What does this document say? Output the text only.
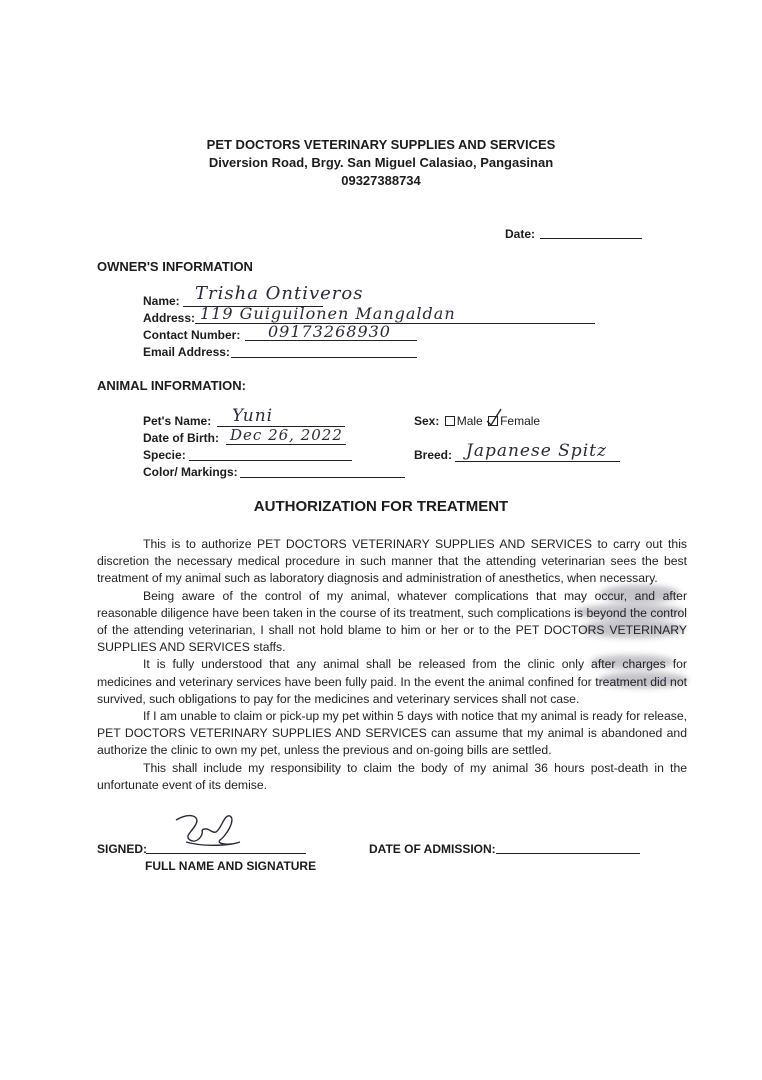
PET DOCTORS VETERINARY SUPPLIES AND SERVICES
Diversion Road, Brgy. San Miguel Calasiao, Pangasinan
09327388734
Date:
OWNER'S INFORMATION
Name: Trisha Ontiveros
Address: 119 Guiguilonen Mangaldan
Contact Number: 09173268930
Email Address:
ANIMAL INFORMATION:
Pet's Name: Yuni
Date of Birth: Dec 26, 2022
Specie:
Color/ Markings:
Sex: Male Female
Breed: Japanese Spitz
AUTHORIZATION FOR TREATMENT

This is to authorize PET DOCTORS VETERINARY SUPPLIES AND SERVICES to carry out this discretion the necessary medical procedure in such manner that the attending veterinarian sees the best treatment of my animal such as laboratory diagnosis and administration of anesthetics, when necessary.

Being aware of the control of my animal, whatever complications that may occur, and after reasonable diligence have been taken in the course of its treatment, such complications is beyond the control of the attending veterinarian, I shall not hold blame to him or her or to the PET DOCTORS VETERINARY SUPPLIES AND SERVICES staffs.

It is fully understood that any animal shall be released from the clinic only after charges for medicines and veterinary services have been fully paid. In the event the animal confined for treatment did not survived, such obligations to pay for the medicines and veterinary services shall not case.

If I am unable to claim or pick-up my pet within 5 days with notice that my animal is ready for release, PET DOCTORS VETERINARY SUPPLIES AND SERVICES can assume that my animal is abandoned and authorize the clinic to own my pet, unless the previous and on-going bills are settled.

This shall include my responsibility to claim the body of my animal 36 hours post-death in the unfortunate event of its demise.

SIGNED:
FULL NAME AND SIGNATURE
DATE OF ADMISSION:
